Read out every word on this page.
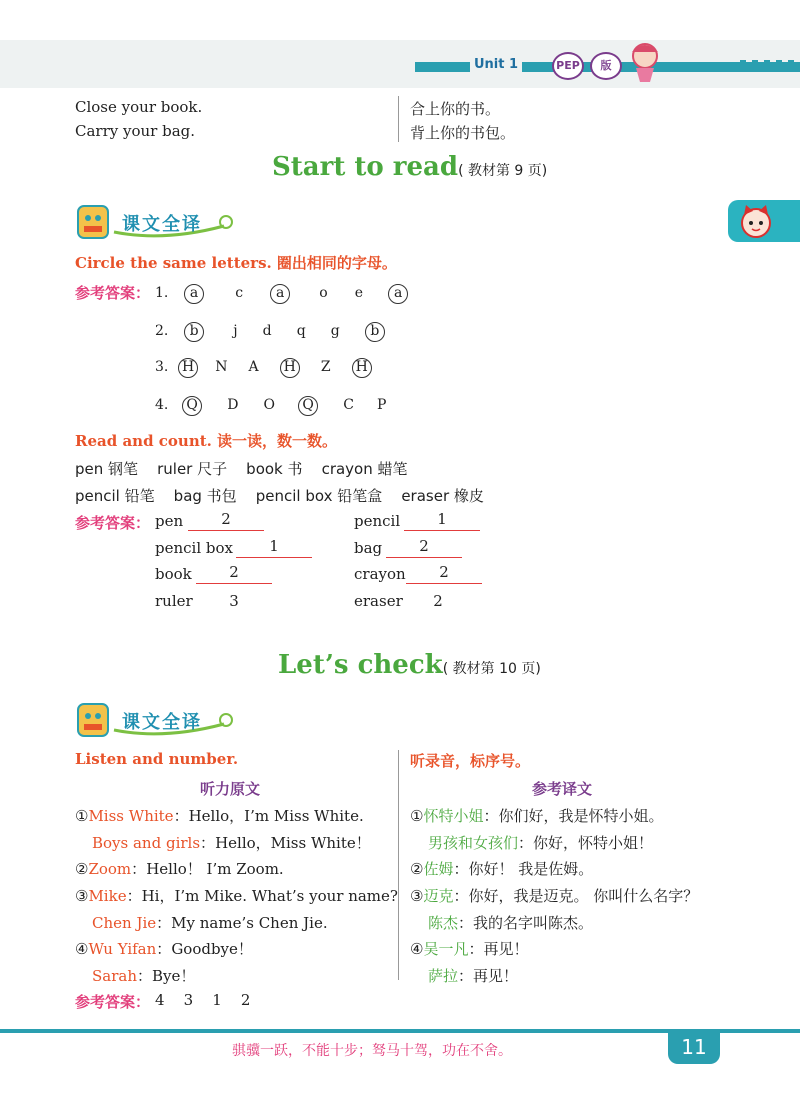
Unit 1	PEP	版
Close your book.	合上你的书。
Carry your bag.	背上你的书包。
Start to read( 教材第 9 页)
课文全译
Circle the same letters. 圈出相同的字母。
参考答案： 1. a	c a o e a
2. b j d q g b
3. H N A H Z H
4. Q D O Q C P
Read and count. 读一读，数一数。
pen 钢笔    ruler 尺子    book 书    crayon 蜡笔
pencil 铅笔    bag 书包    pencil box 铅笔盒    eraser 橡皮
参考答案： pen	2
pencil box	1
book	2
ruler	3
pencil	1
bag	2
crayon	2
eraser	2
Let’s check( 教材第 10 页)
课文全译
Listen and number.	听录音，标序号。
听力原文	参考译文
①Miss White：Hello，I’m Miss White.
Boys and girls：Hello，Miss White！
②Zoom：Hello！ I’m Zoom.
③Mike：Hi，I’m Mike. What’s your name?
Chen Jie：My name’s Chen Jie.
④Wu Yifan：Goodbye！
Sarah：Bye！
①怀特小姐：你们好，我是怀特小姐。
男孩和女孩们：你好，怀特小姐！
②佐姆：你好！ 我是佐姆。
③迈克：你好，我是迈克。 你叫什么名字？
陈杰：我的名字叫陈杰。
④吴一凡：再见！
萨拉：再见！
参考答案： 4    3    1    2
骐骥一跃，不能十步；驽马十驾，功在不舍。	11
